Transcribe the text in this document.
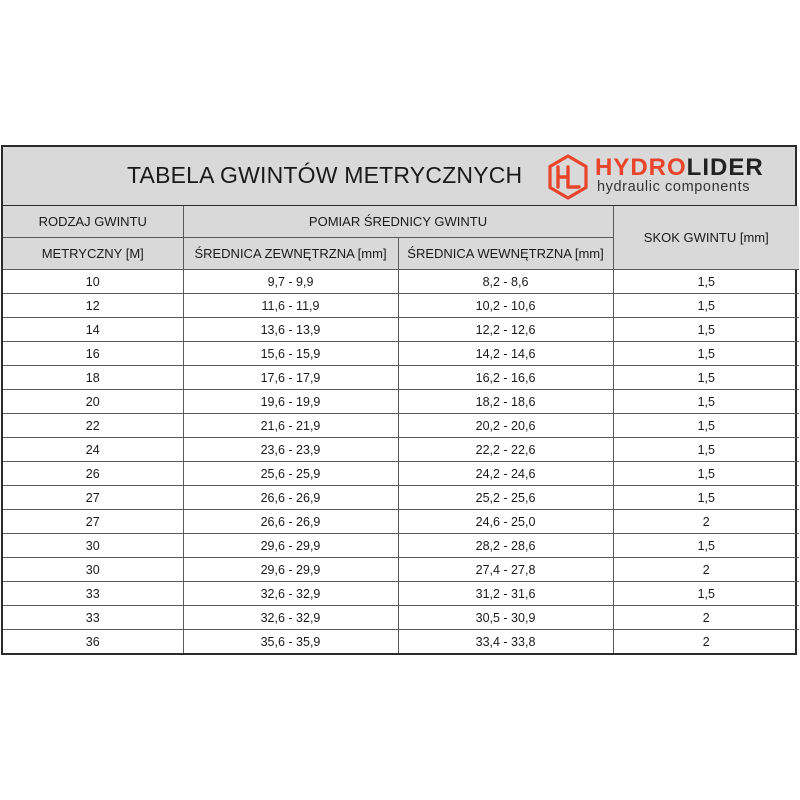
TABELA GWINTÓW METRYCZNYCH	HYDROLIDER
hydraulic components
RODZAJ GWINTU	POMIAR ŚREDNICY GWINTU		SKOK GWINTU [mm]
METRYCZNY [M]	ŚREDNICA ZEWNĘTRZNA [mm]	ŚREDNICA WEWNĘTRZNA [mm]	
10	9,7 - 9,9	8,2 - 8,6	1,5
12	11,6 - 11,9	10,2 - 10,6	1,5
14	13,6 - 13,9	12,2 - 12,6	1,5
16	15,6 - 15,9	14,2 - 14,6	1,5
18	17,6 - 17,9	16,2 - 16,6	1,5
20	19,6 - 19,9	18,2 - 18,6	1,5
22	21,6 - 21,9	20,2 - 20,6	1,5
24	23,6 - 23,9	22,2 - 22,6	1,5
26	25,6 - 25,9	24,2 - 24,6	1,5
27	26,6 - 26,9	25,2 - 25,6	1,5
27	26,6 - 26,9	24,6 - 25,0	2
30	29,6 - 29,9	28,2 - 28,6	1,5
30	29,6 - 29,9	27,4 - 27,8	2
33	32,6 - 32,9	31,2 - 31,6	1,5
33	32,6 - 32,9	30,5 - 30,9	2
36	35,6 - 35,9	33,4 - 33,8	2
